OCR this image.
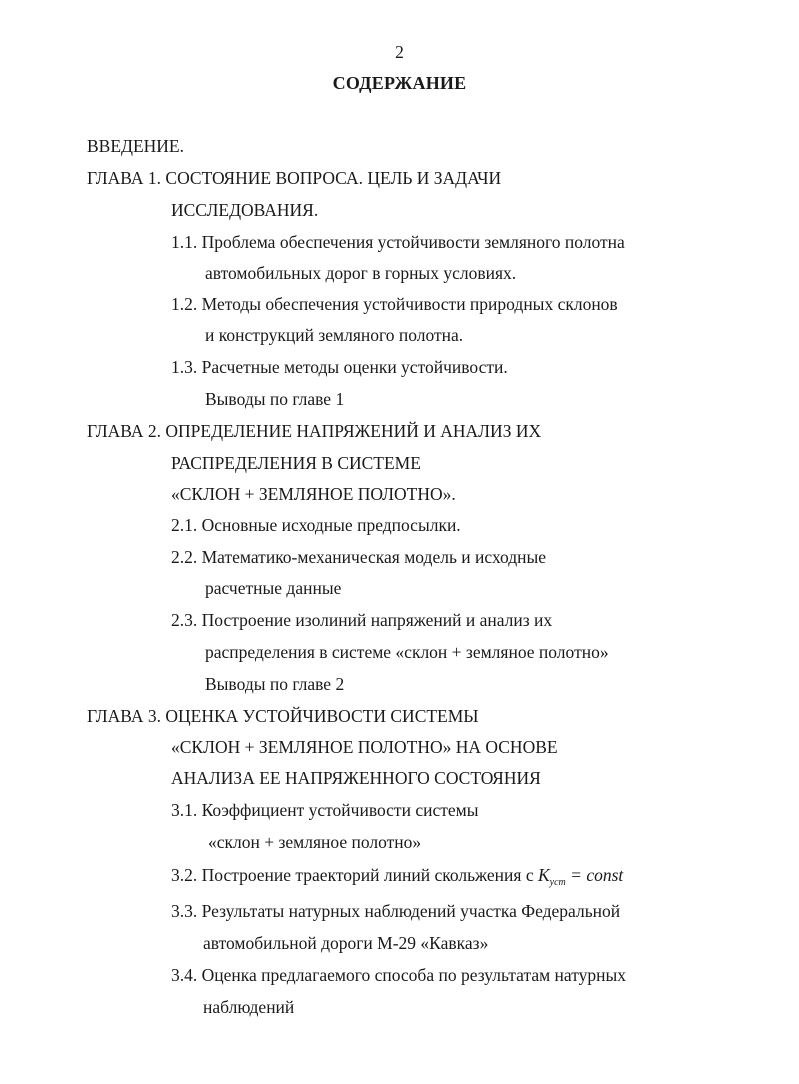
2
СОДЕРЖАНИЕ
ВВЕДЕНИЕ.
ГЛАВА 1. СОСТОЯНИЕ ВОПРОСА. ЦЕЛЬ И ЗАДАЧИ
ИССЛЕДОВАНИЯ.
1.1. Проблема обеспечения устойчивости земляного полотна
автомобильных дорог в горных условиях.
1.2. Методы обеспечения устойчивости природных склонов
и конструкций земляного полотна.
1.3. Расчетные методы оценки устойчивости.
Выводы по главе 1
ГЛАВА 2. ОПРЕДЕЛЕНИЕ НАПРЯЖЕНИЙ И АНАЛИЗ ИХ
РАСПРЕДЕЛЕНИЯ В СИСТЕМЕ
«СКЛОН + ЗЕМЛЯНОЕ ПОЛОТНО».
2.1. Основные исходные предпосылки.
2.2. Математико-механическая модель и исходные
расчетные данные
2.3. Построение изолиний напряжений и анализ их
распределения в системе «склон + земляное полотно»
Выводы по главе 2
ГЛАВА 3. ОЦЕНКА УСТОЙЧИВОСТИ СИСТЕМЫ
«СКЛОН + ЗЕМЛЯНОЕ ПОЛОТНО» НА ОСНОВЕ
АНАЛИЗА ЕЕ НАПРЯЖЕННОГО СОСТОЯНИЯ
3.1. Коэффициент устойчивости системы
«склон + земляное полотно»
3.2. Построение траекторий линий скольжения с $K_{уст}$ = const
3.3. Результаты натурных наблюдений участка Федеральной
автомобильной дороги М-29 «Кавказ»
3.4. Оценка предлагаемого способа по результатам натурных
наблюдений
